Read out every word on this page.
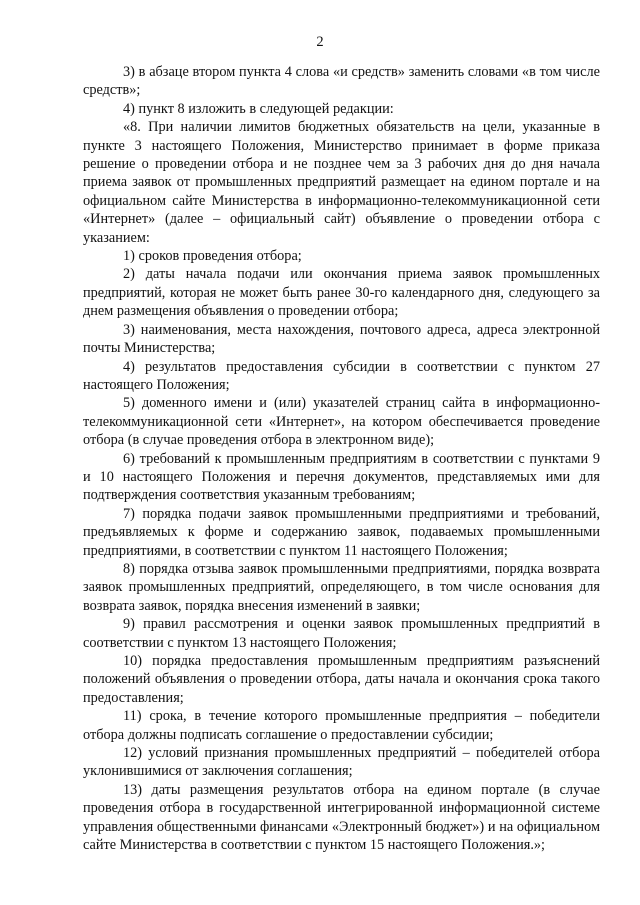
2

3) в абзаце втором пункта 4 слова «и средств» заменить словами «в том числе средств»;

4) пункт 8 изложить в следующей редакции:

«8. При наличии лимитов бюджетных обязательств на цели, указанные в пункте 3 настоящего Положения, Министерство принимает в форме приказа решение о проведении отбора и не позднее чем за 3 рабочих дня до дня начала приема заявок от промышленных предприятий размещает на едином портале и на официальном сайте Министерства в информационно-телекоммуникационной сети «Интернет» (далее – официальный сайт) объявление о проведении отбора с указанием:

1) сроков проведения отбора;

2) даты начала подачи или окончания приема заявок промышленных предприятий, которая не может быть ранее 30-го календарного дня, следующего за днем размещения объявления о проведении отбора;

3) наименования, места нахождения, почтового адреса, адреса электронной почты Министерства;

4) результатов предоставления субсидии в соответствии с пунктом 27 настоящего Положения;

5) доменного имени и (или) указателей страниц сайта в информационно-телекоммуникационной сети «Интернет», на котором обеспечивается проведение отбора (в случае проведения отбора в электронном виде);

6) требований к промышленным предприятиям в соответствии с пунктами 9 и 10 настоящего Положения и перечня документов, представляемых ими для подтверждения соответствия указанным требованиям;

7) порядка подачи заявок промышленными предприятиями и требований, предъявляемых к форме и содержанию заявок, подаваемых промышленными предприятиями, в соответствии с пунктом 11 настоящего Положения;

8) порядка отзыва заявок промышленными предприятиями, порядка возврата заявок промышленных предприятий, определяющего, в том числе основания для возврата заявок, порядка внесения изменений в заявки;

9) правил рассмотрения и оценки заявок промышленных предприятий в соответствии с пунктом 13 настоящего Положения;

10) порядка предоставления промышленным предприятиям разъяснений положений объявления о проведении отбора, даты начала и окончания срока такого предоставления;

11) срока, в течение которого промышленные предприятия – победители отбора должны подписать соглашение о предоставлении субсидии;

12) условий признания промышленных предприятий – победителей отбора уклонившимися от заключения соглашения;

13) даты размещения результатов отбора на едином портале (в случае проведения отбора в государственной интегрированной информационной системе управления общественными финансами «Электронный бюджет») и на официальном сайте Министерства в соответствии с пунктом 15 настоящего Положения.»;
